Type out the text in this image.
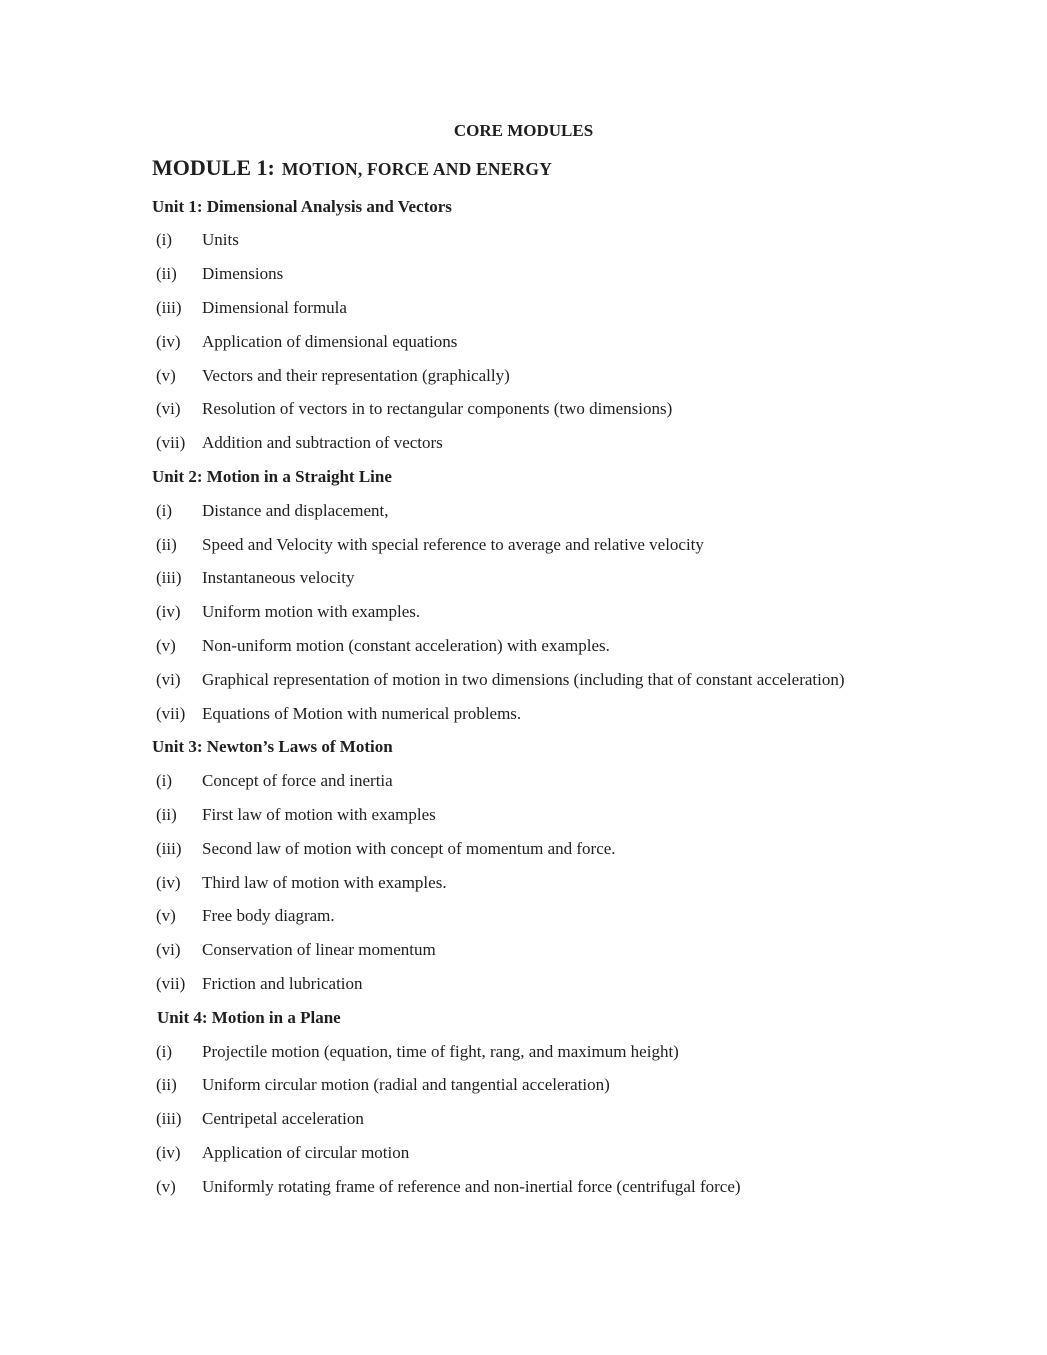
CORE MODULES
MODULE 1: MOTION, FORCE AND ENERGY
Unit 1: Dimensional Analysis and Vectors
(i)	Units
(ii)	Dimensions
(iii)	Dimensional formula
(iv)	Application of dimensional equations
(v)	Vectors and their representation (graphically)
(vi)	Resolution of vectors in to rectangular components (two dimensions)
(vii) Addition and subtraction of vectors
Unit 2: Motion in a Straight Line
(i)	Distance and displacement,
(ii)	Speed and Velocity with special reference to average and relative velocity
(iii)	Instantaneous velocity
(iv)	Uniform motion with examples.
(v)	Non-uniform motion (constant acceleration) with examples.
(vi)	Graphical representation of motion in two dimensions (including that of constant acceleration)
(vii) Equations of Motion with numerical problems.
Unit 3: Newton’s Laws of Motion
(i)	Concept of force and inertia
(ii)	First law of motion with examples
(iii)	Second law of motion with concept of momentum and force.
(iv)	Third law of motion with examples.
(v)	Free body diagram.
(vi)	Conservation of linear momentum
(vii) Friction and lubrication
Unit 4: Motion in a Plane
(i)	Projectile motion (equation, time of fight, rang, and maximum height)
(ii)	Uniform circular motion (radial and tangential acceleration)
(iii)	Centripetal acceleration
(iv)	Application of circular motion
(v)	Uniformly rotating frame of reference and non-inertial force (centrifugal force)
